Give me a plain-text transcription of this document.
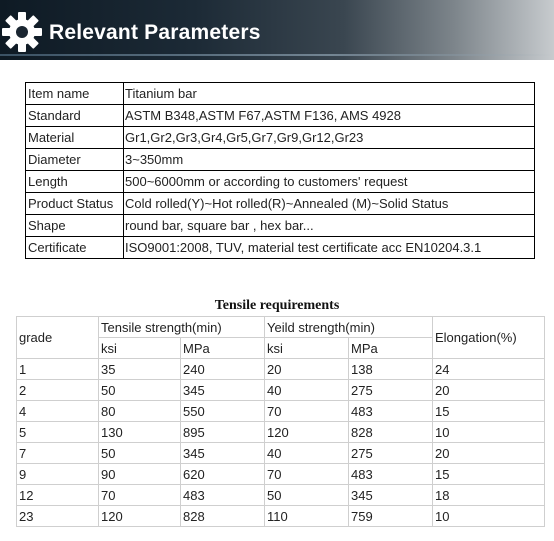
Relevant Parameters
Item name	Titanium bar
Standard	ASTM B348,ASTM F67,ASTM F136, AMS 4928
Material	Gr1,Gr2,Gr3,Gr4,Gr5,Gr7,Gr9,Gr12,Gr23
Diameter	3~350mm
Length	500~6000mm or according to customers' request
Product Status	Cold rolled(Y)~Hot rolled(R)~Annealed (M)~Solid Status
Shape	round bar, square bar , hex bar...
Certificate	ISO9001:2008, TUV, material test certificate acc EN10204.3.1
Tensile requirements
grade	Tensile strength(min)		Yeild strength(min)		Elongation(%)
	ksi	MPa	ksi	MPa	
1	35	240	20	138	24
2	50	345	40	275	20
4	80	550	70	483	15
5	130	895	120	828	10
7	50	345	40	275	20
9	90	620	70	483	15
12	70	483	50	345	18
23	120	828	110	759	10
